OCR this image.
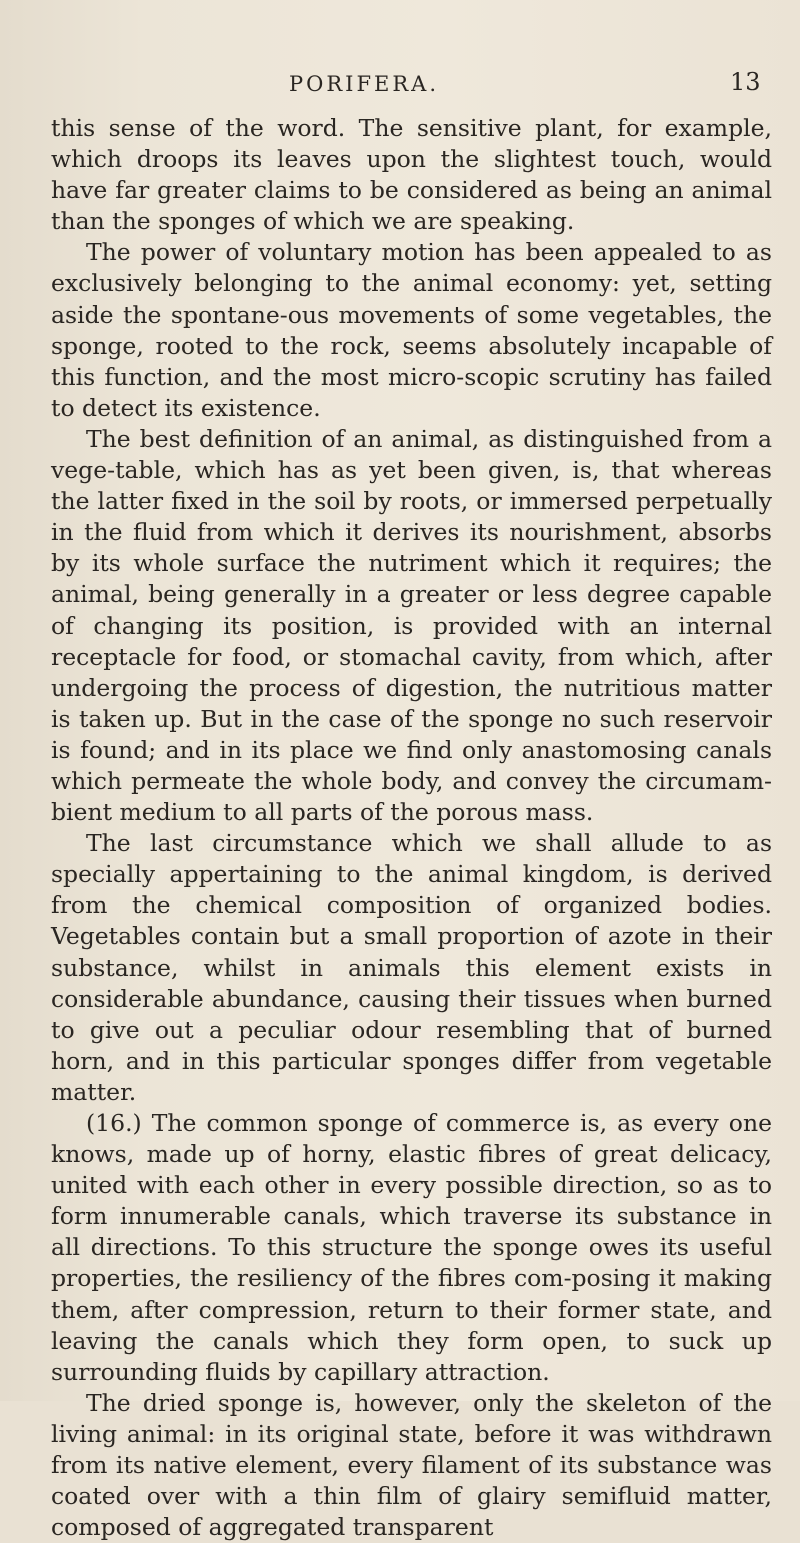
PORIFERA.	13

this sense of the word. The sensitive plant, for example, which droops its leaves upon the slightest touch, would have far greater claims to be considered as being an animal than the sponges of which we are speaking.

The power of voluntary motion has been appealed to as exclusively belonging to the animal economy: yet, setting aside the spontane-ous movements of some vegetables, the sponge, rooted to the rock, seems absolutely incapable of this function, and the most micro-scopic scrutiny has failed to detect its existence.

The best definition of an animal, as distinguished from a vege-table, which has as yet been given, is, that whereas the latter fixed in the soil by roots, or immersed perpetually in the fluid from which it derives its nourishment, absorbs by its whole surface the nutriment which it requires; the animal, being generally in a greater or less degree capable of changing its position, is provided with an internal receptacle for food, or stomachal cavity, from which, after undergoing the process of digestion, the nutritious matter is taken up. But in the case of the sponge no such reservoir is found; and in its place we find only anastomosing canals which permeate the whole body, and convey the circumam-bient medium to all parts of the porous mass.

The last circumstance which we shall allude to as specially appertaining to the animal kingdom, is derived from the chemical composition of organized bodies. Vegetables contain but a small proportion of azote in their substance, whilst in animals this element exists in considerable abundance, causing their tissues when burned to give out a peculiar odour resembling that of burned horn, and in this particular sponges differ from vegetable matter.

(16.) The common sponge of commerce is, as every one knows, made up of horny, elastic fibres of great delicacy, united with each other in every possible direction, so as to form innumerable canals, which traverse its substance in all directions. To this structure the sponge owes its useful properties, the resiliency of the fibres com-posing it making them, after compression, return to their former state, and leaving the canals which they form open, to suck up surrounding fluids by capillary attraction.

The dried sponge is, however, only the skeleton of the living animal: in its original state, before it was withdrawn from its native element, every filament of its substance was coated over with a thin film of glairy semifluid matter, composed of aggregated transparent
